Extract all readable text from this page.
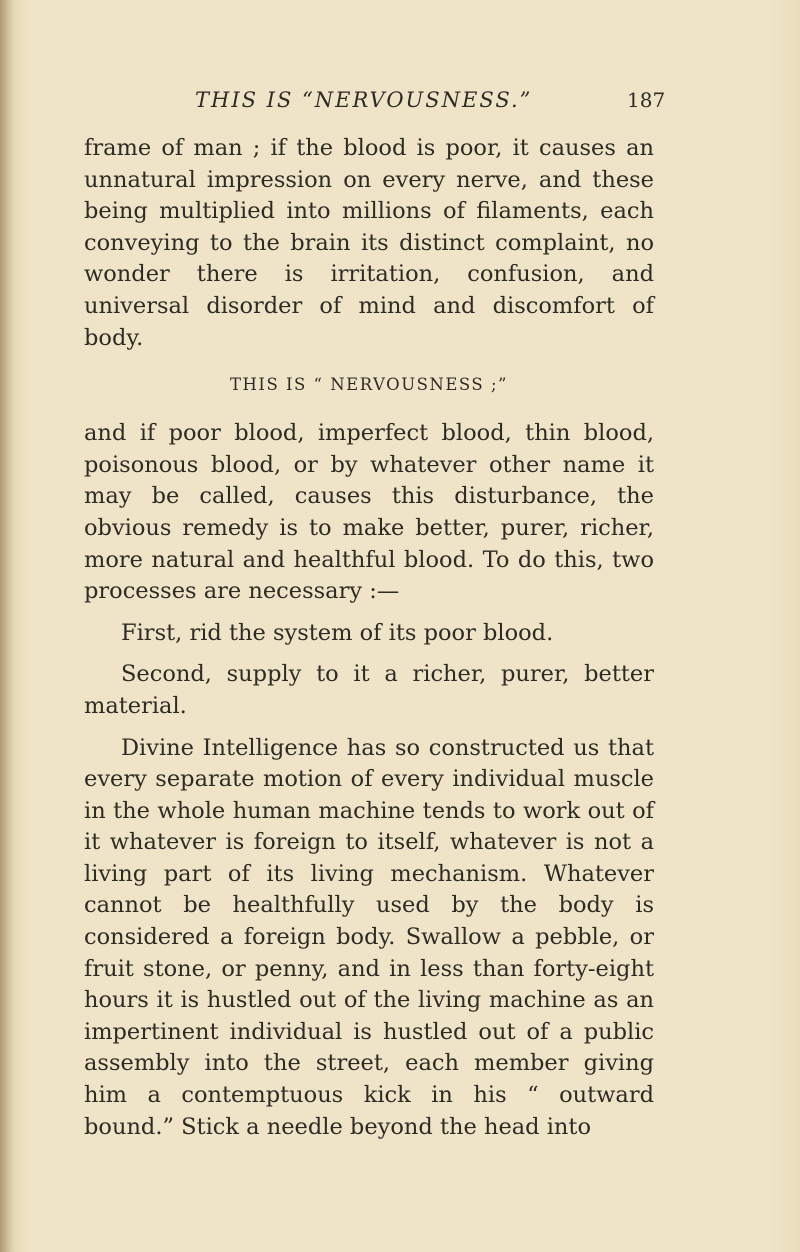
THIS IS “NERVOUSNESS.”	187

frame of man ; if the blood is poor, it causes an unnatural impression on every nerve, and these being multiplied into millions of filaments, each conveying to the brain its distinct complaint, no wonder there is irritation, confusion, and universal disorder of mind and discomfort of body.

THIS IS “ NERVOUSNESS ;”

and if poor blood, imperfect blood, thin blood, poisonous blood, or by whatever other name it may be called, causes this disturbance, the obvious remedy is to make better, purer, richer, more natural and healthful blood. To do this, two processes are necessary :—

First, rid the system of its poor blood.

Second, supply to it a richer, purer, better material.

Divine Intelligence has so constructed us that every separate motion of every individual muscle in the whole human machine tends to work out of it whatever is foreign to itself, whatever is not a living part of its living mechanism. Whatever cannot be healthfully used by the body is considered a foreign body. Swallow a pebble, or fruit stone, or penny, and in less than forty-eight hours it is hustled out of the living machine as an impertinent individual is hustled out of a public assembly into the street, each member giving him a contemptuous kick in his “ outward bound.” Stick a needle beyond the head into
